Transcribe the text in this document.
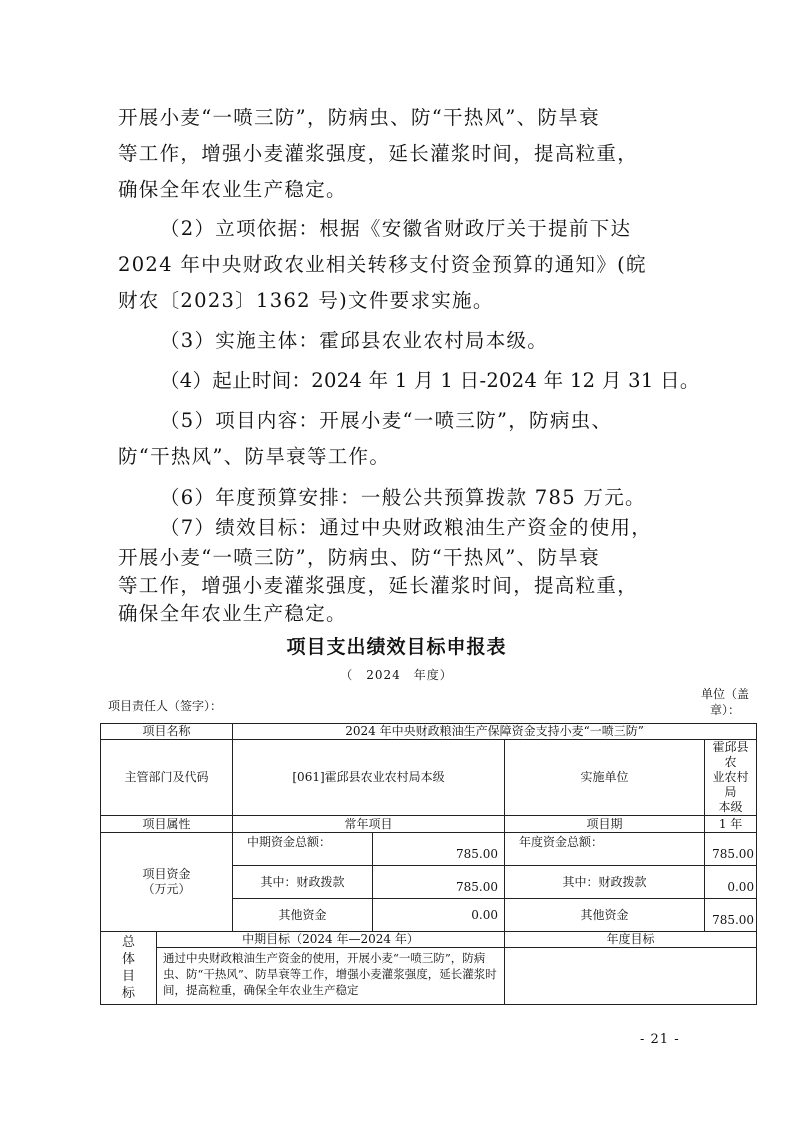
开展小麦“一喷三防”，防病虫、防“干热风”、防旱衰
等工作，增强小麦灌浆强度，延长灌浆时间，提高粒重，
确保全年农业生产稳定。
（2）立项依据：根据《安徽省财政厅关于提前下达
2024 年中央财政农业相关转移支付资金预算的通知》(皖
财农〔2023〕1362 号)文件要求实施。
（3）实施主体：霍邱县农业农村局本级。
（4）起止时间：2024 年 1 月 1 日-2024 年 12 月 31 日。
（5）项目内容：开展小麦“一喷三防”，防病虫、
防“干热风”、防旱衰等工作。
（6）年度预算安排：一般公共预算拨款 785 万元。
（7）绩效目标：通过中央财政粮油生产资金的使用，
开展小麦“一喷三防”，防病虫、防“干热风”、防旱衰
等工作，增强小麦灌浆强度，延长灌浆时间，提高粒重，
确保全年农业生产稳定。
项目支出绩效目标申报表
（　2024　年度）
项目责任人（签字）：
单位（盖
章）：
项目名称		2024 年中央财政粮油生产保障资金支持小麦“一喷三防”			
主管部门及代码		[061]霍邱县农业农村局本级		实施单位	霍邱县农
业农村局
本级

项目属性		常年项目		项目期	1 年

项目资金
（万元）		中期资金总额：	785.00	年度资金总额：	785.00
		其中：财政拨款	785.00	其中：财政拨款	0.00
		其他资金	0.00	其他资金	785.00

总
体
目
标	中期目标（2024 年—2024 年）			年度目标	
	通过中央财政粮油生产资金的使用，开展小麦“一喷三防”，防病虫、防“干热风”、防旱衰等工作，增强小麦灌浆强度，延长灌浆时间，提高粒重，确保全年农业生产稳定				
- 21 -
